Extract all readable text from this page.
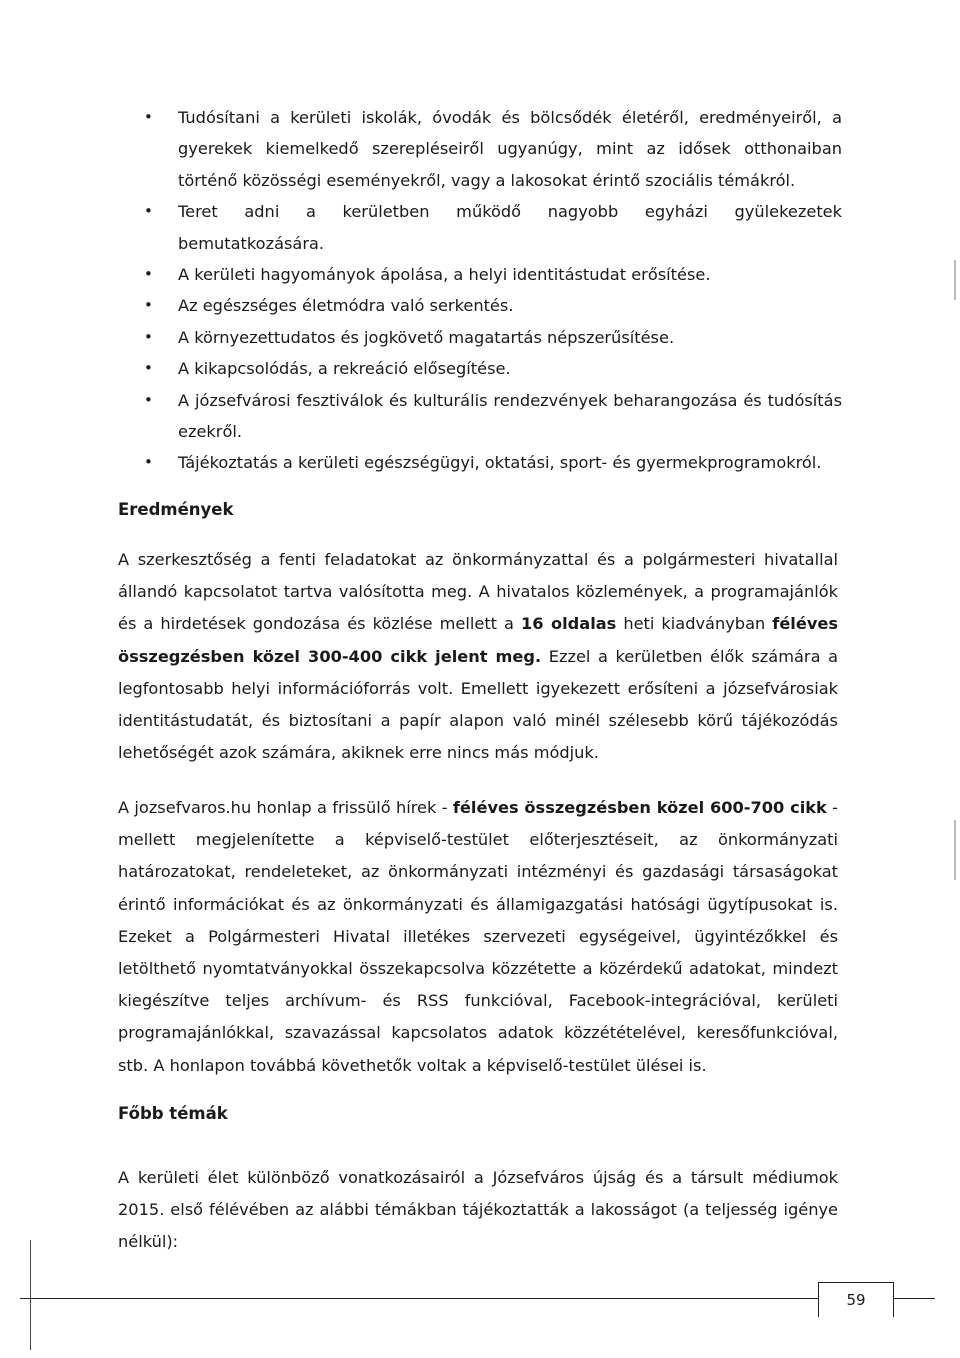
• Tudósítani a kerületi iskolák, óvodák és bölcsődék életéről, eredményeiről, a gyerekek kiemelkedő szerepléseiről ugyanúgy, mint az idősek otthonaiban történő közösségi eseményekről, vagy a lakosokat érintő szociális témákról.
• Teret adni a kerületben működő nagyobb egyházi gyülekezetek bemutatkozására.
• A kerületi hagyományok ápolása, a helyi identitástudat erősítése.
• Az egészséges életmódra való serkentés.
• A környezettudatos és jogkövető magatartás népszerűsítése.
• A kikapcsolódás, a rekreáció elősegítése.
• A józsefvárosi fesztiválok és kulturális rendezvények beharangozása és tudósítás ezekről.
• Tájékoztatás a kerületi egészségügyi, oktatási, sport- és gyermekprogramokról.
Eredmények

A szerkesztőség a fenti feladatokat az önkormányzattal és a polgármesteri hivatallal állandó kapcsolatot tartva valósította meg. A hivatalos közlemények, a programajánlók és a hirdetések gondozása és közlése mellett a 16 oldalas heti kiadványban féléves összegzésben közel 300-400 cikk jelent meg. Ezzel a kerületben élők számára a legfontosabb helyi információforrás volt. Emellett igyekezett erősíteni a józsefvárosiak identitástudatát, és biztosítani a papír alapon való minél szélesebb körű tájékozódás lehetőségét azok számára, akiknek erre nincs más módjuk.

A jozsefvaros.hu honlap a frissülő hírek - féléves összegzésben közel 600-700 cikk - mellett megjelenítette a képviselő-testület előterjesztéseit, az önkormányzati határozatokat, rendeleteket, az önkormányzati intézményi és gazdasági társaságokat érintő információkat és az önkormányzati és államigazgatási hatósági ügytípusokat is. Ezeket a Polgármesteri Hivatal illetékes szervezeti egységeivel, ügyintézőkkel és letölthető nyomtatványokkal összekapcsolva közzétette a közérdekű adatokat, mindezt kiegészítve teljes archívum- és RSS funkcióval, Facebook-integrációval, kerületi programajánlókkal, szavazással kapcsolatos adatok közzétételével, keresőfunkcióval, stb. A honlapon továbbá követhetők voltak a képviselő-testület ülései is.

Főbb témák

A kerületi élet különböző vonatkozásairól a Józsefváros újság és a társult médiumok 2015. első félévében az alábbi témákban tájékoztatták a lakosságot (a teljesség igénye nélkül):

59
